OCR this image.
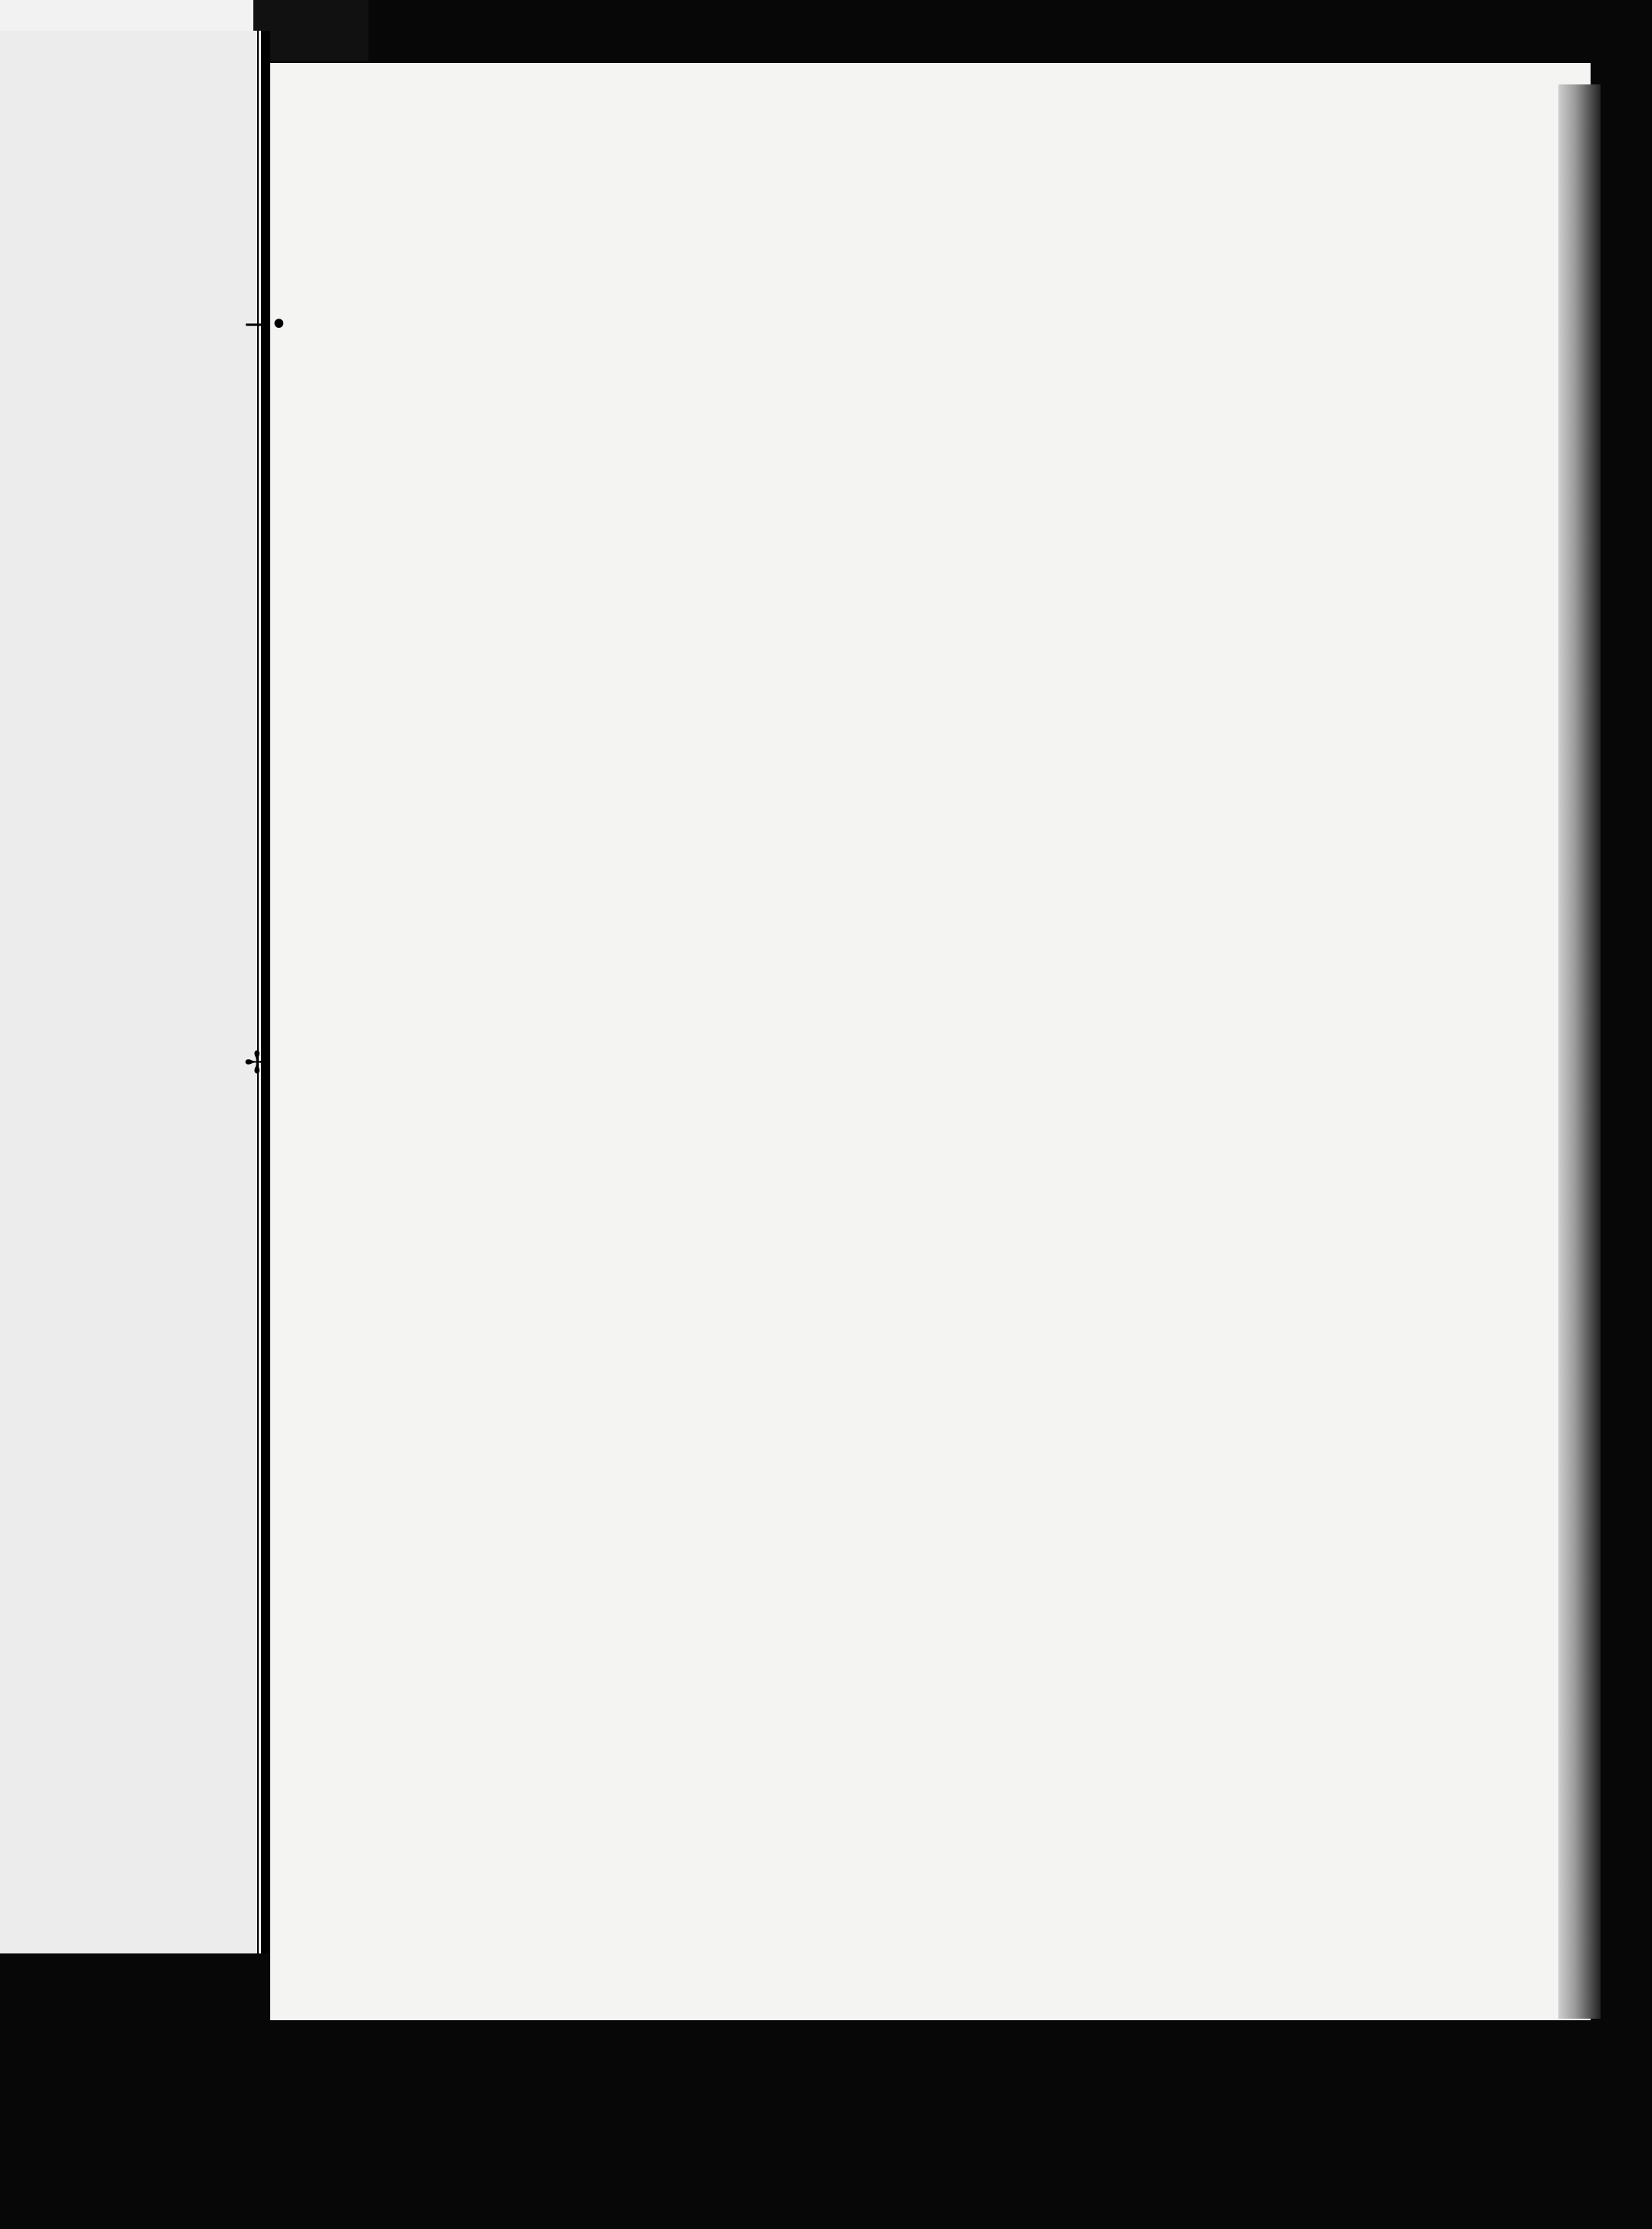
→•
✢
